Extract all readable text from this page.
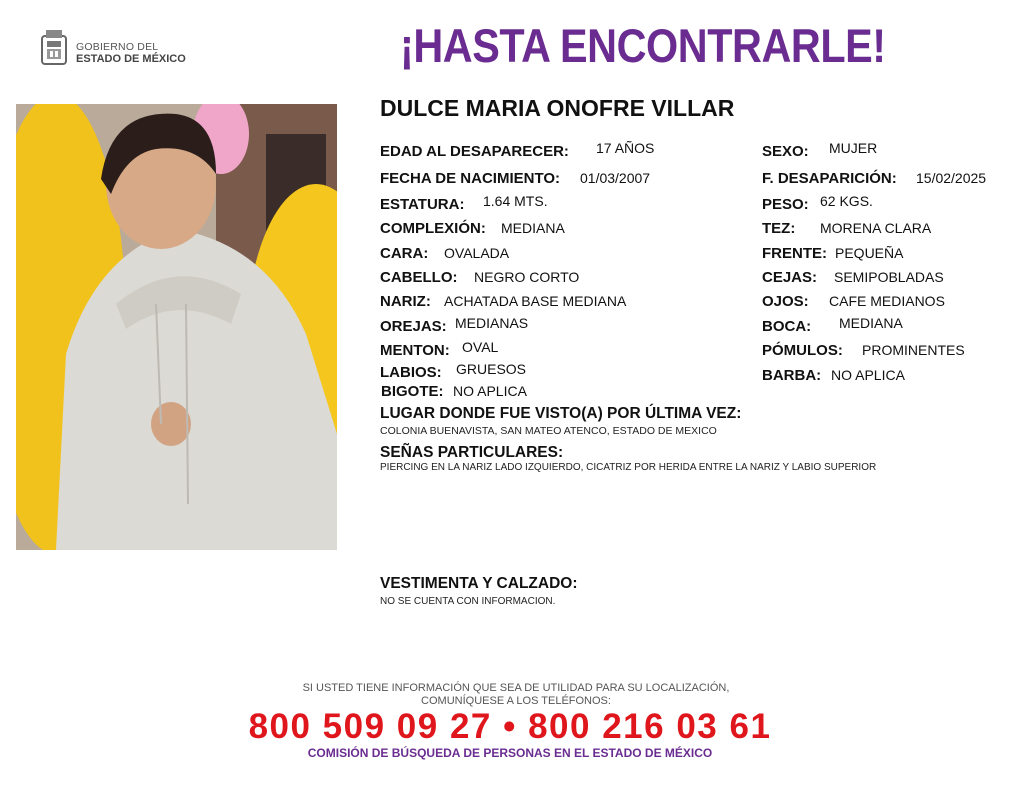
GOBIERNO DEL
ESTADO DE MÉXICO	¡HASTA ENCONTRARLE!
DULCE MARIA ONOFRE VILLAR
EDAD AL DESAPARECER: 17 AÑOS
FECHA DE NACIMIENTO: 01/03/2007
ESTATURA: 1.64 MTS.
COMPLEXIÓN: MEDIANA
CARA: OVALADA
CABELLO: NEGRO CORTO
NARIZ: ACHATADA BASE MEDIANA
OREJAS: MEDIANAS
MENTON: OVAL
LABIOS: GRUESOS
BIGOTE: NO APLICA
SEXO: MUJER
F. DESAPARICIÓN: 15/02/2025
PESO: 62 KGS.
TEZ: MORENA CLARA
FRENTE: PEQUEÑA
CEJAS: SEMIPOBLADAS
OJOS: CAFE MEDIANOS
BOCA: MEDIANA
PÓMULOS: PROMINENTES
BARBA: NO APLICA
LUGAR DONDE FUE VISTO(A) POR ÚLTIMA VEZ:
COLONIA BUENAVISTA, SAN MATEO ATENCO, ESTADO DE MEXICO
SEÑAS PARTICULARES:
PIERCING EN LA NARIZ LADO IZQUIERDO, CICATRIZ POR HERIDA ENTRE LA NARIZ Y LABIO SUPERIOR
VESTIMENTA Y CALZADO:
NO SE CUENTA CON INFORMACION.
SI USTED TIENE INFORMACIÓN QUE SEA DE UTILIDAD PARA SU LOCALIZACIÓN,
COMUNÍQUESE A LOS TELÉFONOS:
800 509 09 27 • 800 216 03 61
COMISIÓN DE BÚSQUEDA DE PERSONAS EN EL ESTADO DE MÉXICO
